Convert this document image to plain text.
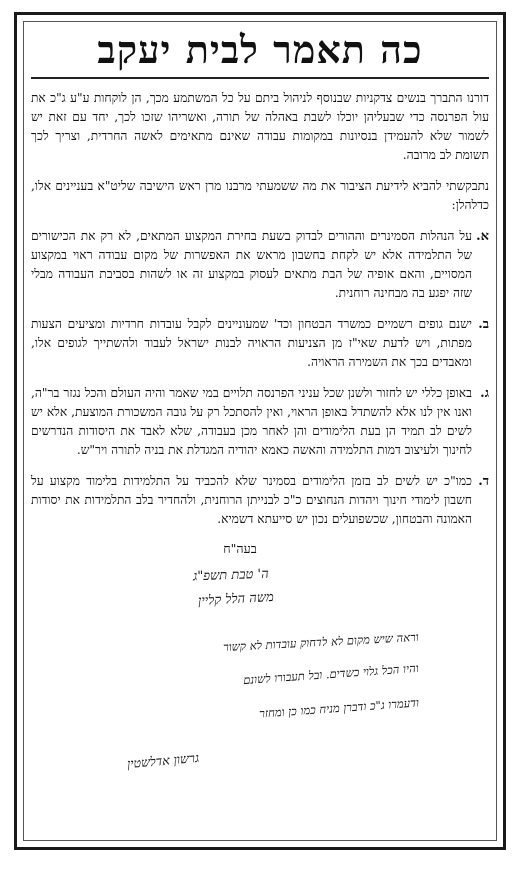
כה תאמר לבית יעקב

דורנו התברך בנשים צדקניות שבנוסף לניהול ביתם על כל המשתמע מכך, הן לוקחות ע"ע ג"כ את עול הפרנסה כדי שבעליהן יוכלו לשבת באהלה של תורה, ואשריהו שזכו לכך, יחד עם זאת יש לשמור שלא להעמידן בנסיונות במקומות עבודה שאינם מתאימים לאשה החרדית, וצריך לכך תשומת לב מרובה.

נתבקשתי להביא לידיעת הציבור את מה ששמעתי מרבנו מרן ראש הישיבה שליט"א בעניינים אלו, כדלהלן:

א.
על הנהלות הסמינרים וההורים לבדוק בשעת בחירת המקצוע המתאים, לא רק את הכישורים של התלמידה אלא יש לקחת בחשבון מראש את האפשרות של מקום עבודה ראוי במקצוע המסויים, והאם אופיה של הבת מתאים לעסוק במקצוע זה או לשהות בסביבת העבודה מבלי שזה יפגע בה מבחינה רוחנית.

ב.
ישנם גופים רשמיים כמשרד הבטחון וכד' שמעוניינים לקבל עובדות חרדיות ומציעים הצעות מפתות, ויש לדעת שאי"ז מן הצניעות הראויה לבנות ישראל לעבוד ולהשתייך לגופים אלו, ומאבדים בכך את השמירה הראויה.

ג.
באופן כללי יש לחזור ולשנן שכל עניני הפרנסה תלויים במי שאמר והיה העולם והכל נגזר בר"ה, ואנו אין לנו אלא להשתדל באופן הראוי, ואין להסתכל רק על גובה המשכורת המוצעת, אלא יש לשים לב תמיד הן בעת הלימודים והן לאחר מכן בעבודה, שלא לאבד את היסודות הנדרשים לחינוך ולעיצוב דמות התלמידה והאשה כאמא יהודיה המגדלת את בניה לתורה ויר"ש.

ד.
כמו"כ יש לשים לב בזמן הלימודים בסמינר שלא להכביד על התלמידות בלימוד מקצוע על חשבון לימודי חינוך ויהדות הנחוצים כ"כ לבנייתן הרוחנית, ולהחדיר בלב התלמידות את יסודות האמונה והבטחון, שכשפועלים נכון יש סייעתא דשמיא.

בעה"ח
ה' טבת תשפ"ג
משה הלל קליין
וראה שיש מקום לא לדחוק עובדות לא קשור
והיו הכל גלוי כשדים. ובל תעבורו לשונם
ודעמרו ג"כ ודברן מניח כמו כן ומחזר
גרשון אדלשטין
